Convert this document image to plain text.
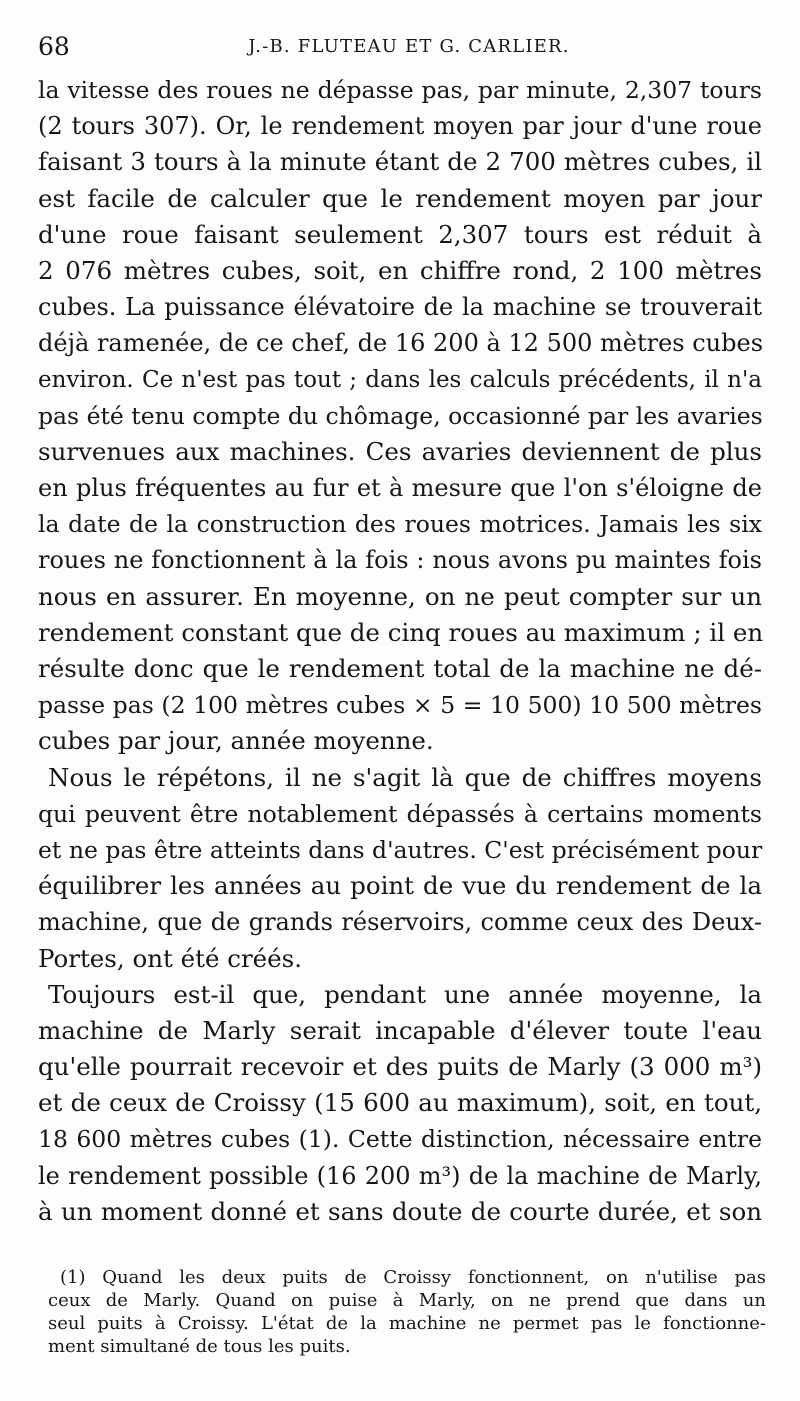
68	J.-B. FLUTEAU ET G. CARLIER.
la vitesse des roues ne dépasse pas, par minute, 2,307 tours
(2 tours 307). Or, le rendement moyen par jour d'une roue
faisant 3 tours à la minute étant de 2 700 mètres cubes, il
est facile de calculer que le rendement moyen par jour
d'une roue faisant seulement 2,307 tours est réduit à
2 076 mètres cubes, soit, en chiffre rond, 2 100 mètres
cubes. La puissance élévatoire de la machine se trouverait
déjà ramenée, de ce chef, de 16 200 à 12 500 mètres cubes
environ. Ce n'est pas tout ; dans les calculs précédents, il n'a
pas été tenu compte du chômage, occasionné par les avaries
survenues aux machines. Ces avaries deviennent de plus
en plus fréquentes au fur et à mesure que l'on s'éloigne de
la date de la construction des roues motrices. Jamais les six
roues ne fonctionnent à la fois : nous avons pu maintes fois
nous en assurer. En moyenne, on ne peut compter sur un
rendement constant que de cinq roues au maximum ; il en
résulte donc que le rendement total de la machine ne dé-
passe pas (2 100 mètres cubes × 5 = 10 500) 10 500 mètres
cubes par jour, année moyenne.
Nous le répétons, il ne s'agit là que de chiffres moyens
qui peuvent être notablement dépassés à certains moments
et ne pas être atteints dans d'autres. C'est précisément pour
équilibrer les années au point de vue du rendement de la
machine, que de grands réservoirs, comme ceux des Deux-
Portes, ont été créés.
Toujours est-il que, pendant une année moyenne, la
machine de Marly serait incapable d'élever toute l'eau
qu'elle pourrait recevoir et des puits de Marly (3 000 m³)
et de ceux de Croissy (15 600 au maximum), soit, en tout,
18 600 mètres cubes (1). Cette distinction, nécessaire entre
le rendement possible (16 200 m³) de la machine de Marly,
à un moment donné et sans doute de courte durée, et son
(1) Quand les deux puits de Croissy fonctionnent, on n'utilise pas
ceux de Marly. Quand on puise à Marly, on ne prend que dans un
seul puits à Croissy. L'état de la machine ne permet pas le fonctionne-
ment simultané de tous les puits.
